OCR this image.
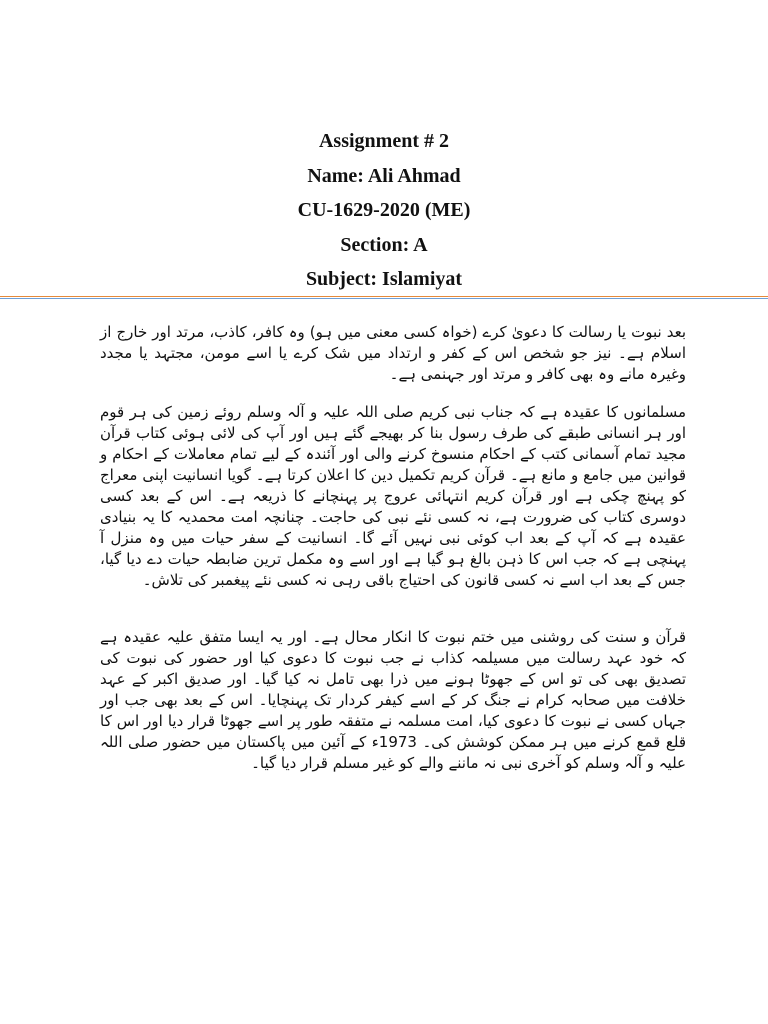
Assignment # 2
Name: Ali Ahmad
CU-1629-2020 (ME)
Section: A
Subject: Islamiyat

بعد نبوت یا رسالت کا دعویٰ کرے (خواہ کسی معنی میں ہو) وہ کافر، کاذب، مرتد اور خارج از اسلام ہے۔ نیز جو شخص اس کے کفر و ارتداد میں شک کرے یا اسے مومن، مجتہد یا مجدد وغیرہ مانے وہ بھی کافر و مرتد اور جہنمی ہے۔

مسلمانوں کا عقیدہ ہے کہ جناب نبی کریم صلی اللہ علیہ و آلہ وسلم روئے زمین کی ہر قوم اور ہر انسانی طبقے کی طرف رسول بنا کر بھیجے گئے ہیں اور آپ کی لائی ہوئی کتاب قرآن مجید تمام آسمانی کتب کے احکام منسوخ کرنے والی اور آئندہ کے لیے تمام معاملات کے احکام و قوانین میں جامع و مانع ہے۔ قرآن کریم تکمیل دین کا اعلان کرتا ہے۔ گویا انسانیت اپنی معراج کو پہنچ چکی ہے اور قرآن کریم انتہائی عروج پر پہنچانے کا ذریعہ ہے۔ اس کے بعد کسی دوسری کتاب کی ضرورت ہے، نہ کسی نئے نبی کی حاجت۔ چنانچہ امت محمدیہ کا یہ بنیادی عقیدہ ہے کہ آپ کے بعد اب کوئی نبی نہیں آئے گا۔ انسانیت کے سفر حیات میں وہ منزل آ پہنچی ہے کہ جب اس کا ذہن بالغ ہو گیا ہے اور اسے وہ مکمل ترین ضابطہ حیات دے دیا گیا، جس کے بعد اب اسے نہ کسی قانون کی احتیاج باقی رہی نہ کسی نئے پیغمبر کی تلاش۔

قرآن و سنت کی روشنی میں ختم نبوت کا انکار محال ہے۔ اور یہ ایسا متفق علیہ عقیدہ ہے کہ خود عہد رسالت میں مسیلمہ کذاب نے جب نبوت کا دعوی کیا اور حضور کی نبوت کی تصدیق بھی کی تو اس کے جھوٹا ہونے میں ذرا بھی تامل نہ کیا گیا۔ اور صدیق اکبر کے عہد خلافت میں صحابہ کرام نے جنگ کر کے اسے کیفر کردار تک پہنچایا۔ اس کے بعد بھی جب اور جہاں کسی نے نبوت کا دعوی کیا، امت مسلمہ نے متفقہ طور پر اسے جھوٹا قرار دیا اور اس کا قلع قمع کرنے میں ہر ممکن کوشش کی۔ 1973ء کے آئین میں پاکستان میں حضور صلی اللہ علیہ و آلہ وسلم کو آخری نبی نہ ماننے والے کو غیر مسلم قرار دیا گیا۔
